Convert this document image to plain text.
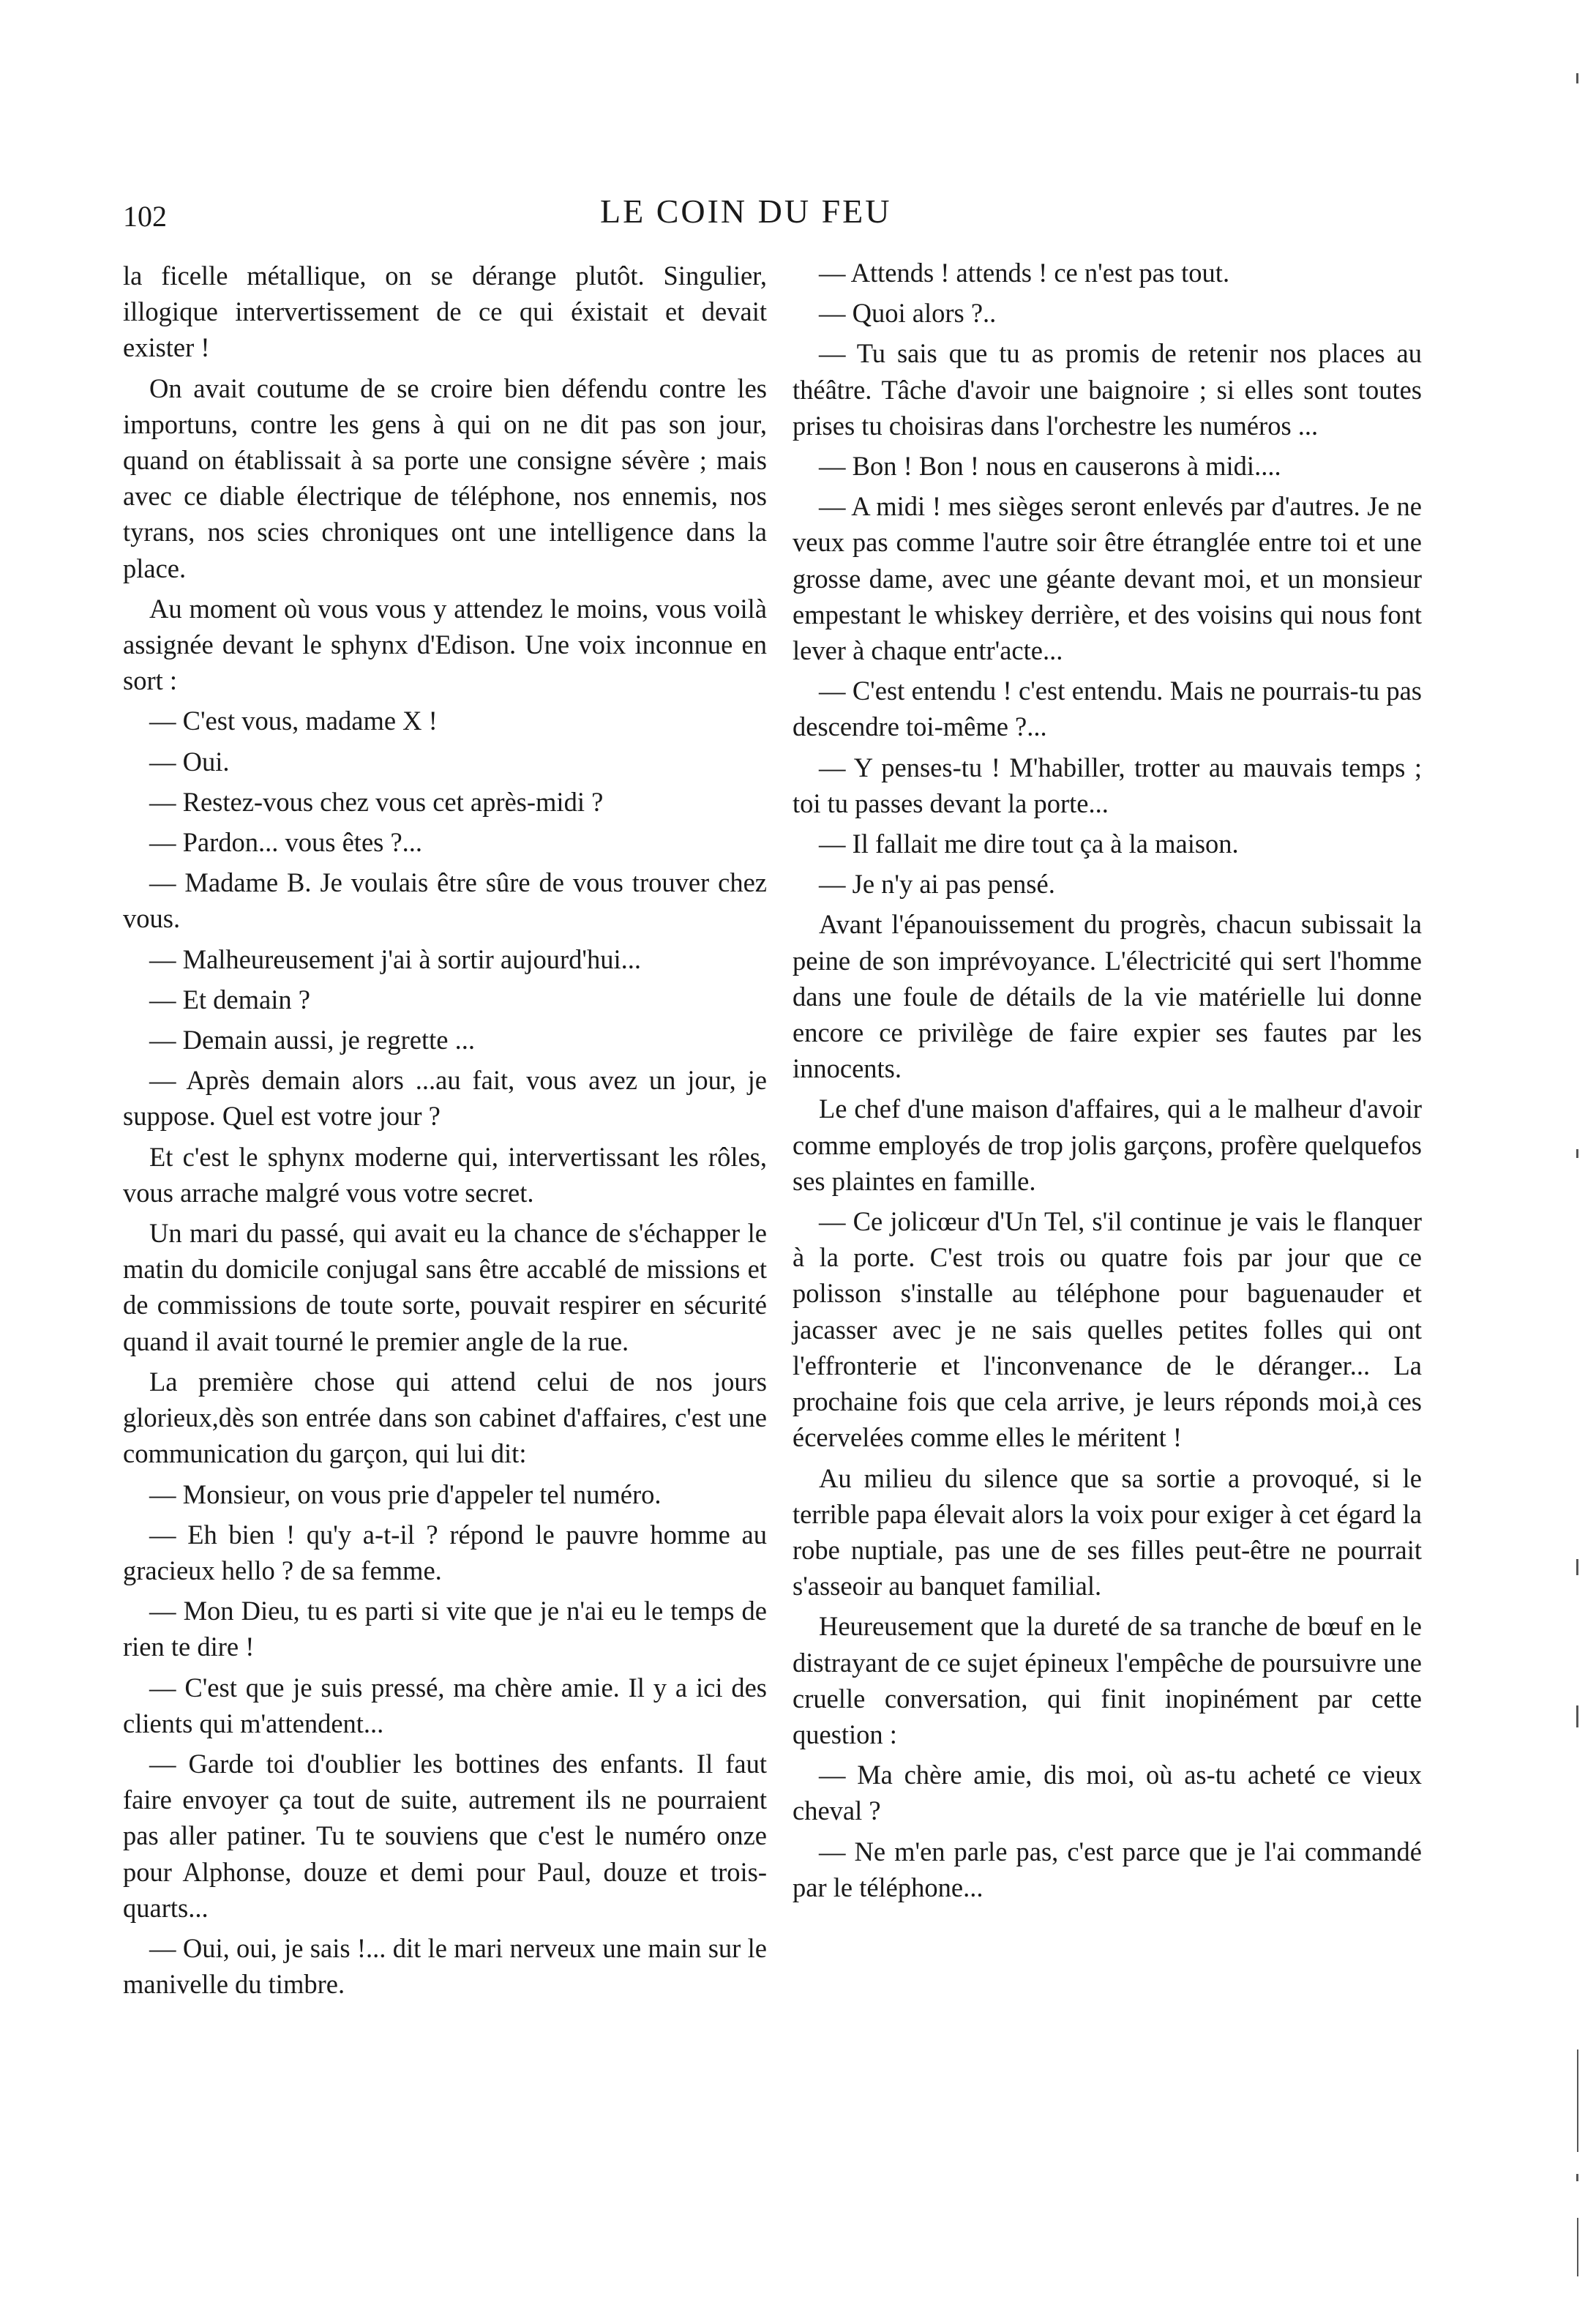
102	LE COIN DU FEU

la ficelle métallique, on se dérange plutôt. Singulier, illogique intervertissement de ce qui éxistait et devait exister !

On avait coutume de se croire bien défendu contre les importuns, contre les gens à qui on ne dit pas son jour, quand on établissait à sa porte une consigne sévère ; mais avec ce diable électrique de téléphone, nos ennemis, nos tyrans, nos scies chroniques ont une intelligence dans la place.

Au moment où vous vous y attendez le moins, vous voilà assignée devant le sphynx d'Edison. Une voix inconnue en sort :

— C'est vous, madame X !

— Oui.

— Restez-vous chez vous cet après-midi ?

— Pardon... vous êtes ?...

— Madame B. Je voulais être sûre de vous trouver chez vous.

— Malheureusement j'ai à sortir aujourd'hui...

— Et demain ?

— Demain aussi, je regrette ...

— Après demain alors ...au fait, vous avez un jour, je suppose. Quel est votre jour ?

Et c'est le sphynx moderne qui, intervertissant les rôles, vous arrache malgré vous votre secret.

Un mari du passé, qui avait eu la chance de s'échapper le matin du domicile conjugal sans être accablé de missions et de commissions de toute sorte, pouvait respirer en sécurité quand il avait tourné le premier angle de la rue.

La première chose qui attend celui de nos jours glorieux,dès son entrée dans son cabinet d'affaires, c'est une communication du garçon, qui lui dit:

— Monsieur, on vous prie d'appeler tel numéro.

— Eh bien ! qu'y a-t-il ? répond le pauvre homme au gracieux hello ? de sa femme.

— Mon Dieu, tu es parti si vite que je n'ai eu le temps de rien te dire !

— C'est que je suis pressé, ma chère amie. Il y a ici des clients qui m'attendent...

— Garde toi d'oublier les bottines des enfants. Il faut faire envoyer ça tout de suite, autrement ils ne pourraient pas aller patiner. Tu te souviens que c'est le numéro onze pour Alphonse, douze et demi pour Paul, douze et trois-quarts...

— Oui, oui, je sais !... dit le mari nerveux une main sur le manivelle du timbre.

— Attends ! attends ! ce n'est pas tout.

— Quoi alors ?..

— Tu sais que tu as promis de retenir nos places au théâtre. Tâche d'avoir une baignoire ; si elles sont toutes prises tu choisiras dans l'orchestre les numéros ...

— Bon ! Bon ! nous en causerons à midi....

— A midi ! mes sièges seront enlevés par d'autres. Je ne veux pas comme l'autre soir être étranglée entre toi et une grosse dame, avec une géante devant moi, et un monsieur empestant le whiskey derrière, et des voisins qui nous font lever à chaque entr'acte...

— C'est entendu ! c'est entendu. Mais ne pourrais-tu pas descendre toi-même ?...

— Y penses-tu ! M'habiller, trotter au mauvais temps ; toi tu passes devant la porte...

— Il fallait me dire tout ça à la maison.

— Je n'y ai pas pensé.

Avant l'épanouissement du progrès, chacun subissait la peine de son imprévoyance. L'électricité qui sert l'homme dans une foule de détails de la vie matérielle lui donne encore ce privilège de faire expier ses fautes par les innocents.

Le chef d'une maison d'affaires, qui a le malheur d'avoir comme employés de trop jolis garçons, profère quelquefos ses plaintes en famille.

— Ce jolicœur d'Un Tel, s'il continue je vais le flanquer à la porte. C'est trois ou quatre fois par jour que ce polisson s'installe au téléphone pour baguenauder et jacasser avec je ne sais quelles petites folles qui ont l'effronterie et l'inconvenance de le déranger... La prochaine fois que cela arrive, je leurs réponds moi,à ces écervelées comme elles le méritent !

Au milieu du silence que sa sortie a provoqué, si le terrible papa élevait alors la voix pour exiger à cet égard la robe nuptiale, pas une de ses filles peut-être ne pourrait s'asseoir au banquet familial.

Heureusement que la dureté de sa tranche de bœuf en le distrayant de ce sujet épineux l'empêche de poursuivre une cruelle conversation, qui finit inopinément par cette question :

— Ma chère amie, dis moi, où as-tu acheté ce vieux cheval ?

— Ne m'en parle pas, c'est parce que je l'ai commandé par le téléphone...
